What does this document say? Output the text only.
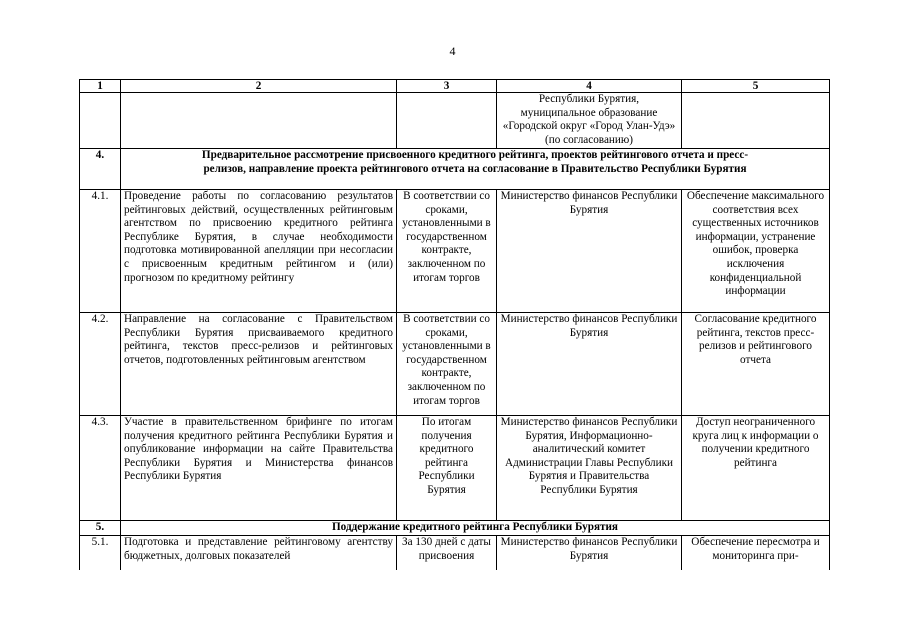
4
1	2	3	4	5
			Республики Бурятия, муниципальное образование «Городской округ «Город Улан-Удэ» (по согласованию)	
4.	Предварительное рассмотрение присвоенного кредитного рейтинга, проектов рейтингового отчета и пресс-релизов, направление проекта рейтингового отчета на согласование в Правительство Республики Бурятия			
4.1.	Проведение работы по согласованию результатов рейтинговых действий, осуществленных рейтинговым агентством по присвоению кредитного рейтинга Республике Бурятия, в случае необходимости подготовка мотивированной апелляции при несогласии с присвоенным кредитным рейтингом и (или) прогнозом по кредитному рейтингу	В соответствии со сроками, установленными в государственном контракте, заключенном по итогам торгов	Министерство финансов Республики Бурятия	Обеспечение максимального соответствия всех существенных источников информации, устранение ошибок, проверка исключения конфиденциальной информации
4.2.	Направление на согласование с Правительством Республики Бурятия присваиваемого кредитного рейтинга, текстов пресс-релизов и рейтинговых отчетов, подготовленных рейтинговым агентством	В соответствии со сроками, установленными в государственном контракте, заключенном по итогам торгов	Министерство финансов Республики Бурятия	Согласование кредитного рейтинга, текстов пресс-релизов и рейтингового отчета
4.3.	Участие в правительственном брифинге по итогам получения кредитного рейтинга Республики Бурятия и опубликование информации на сайте Правительства Республики Бурятия и Министерства финансов Республики Бурятия	По итогам получения кредитного рейтинга Республики Бурятия	Министерство финансов Республики Бурятия, Информационно-аналитический комитет Администрации Главы Республики Бурятия и Правительства Республики Бурятия	Доступ неограниченного круга лиц к информации о получении кредитного рейтинга
5.	Поддержание кредитного рейтинга Республики Бурятия			
5.1.	Подготовка и представление рейтинговому агентству бюджетных, долговых показателей	За 130 дней с даты присвоения	Министерство финансов Республики Бурятия	Обеспечение пересмотра и мониторинга при-
